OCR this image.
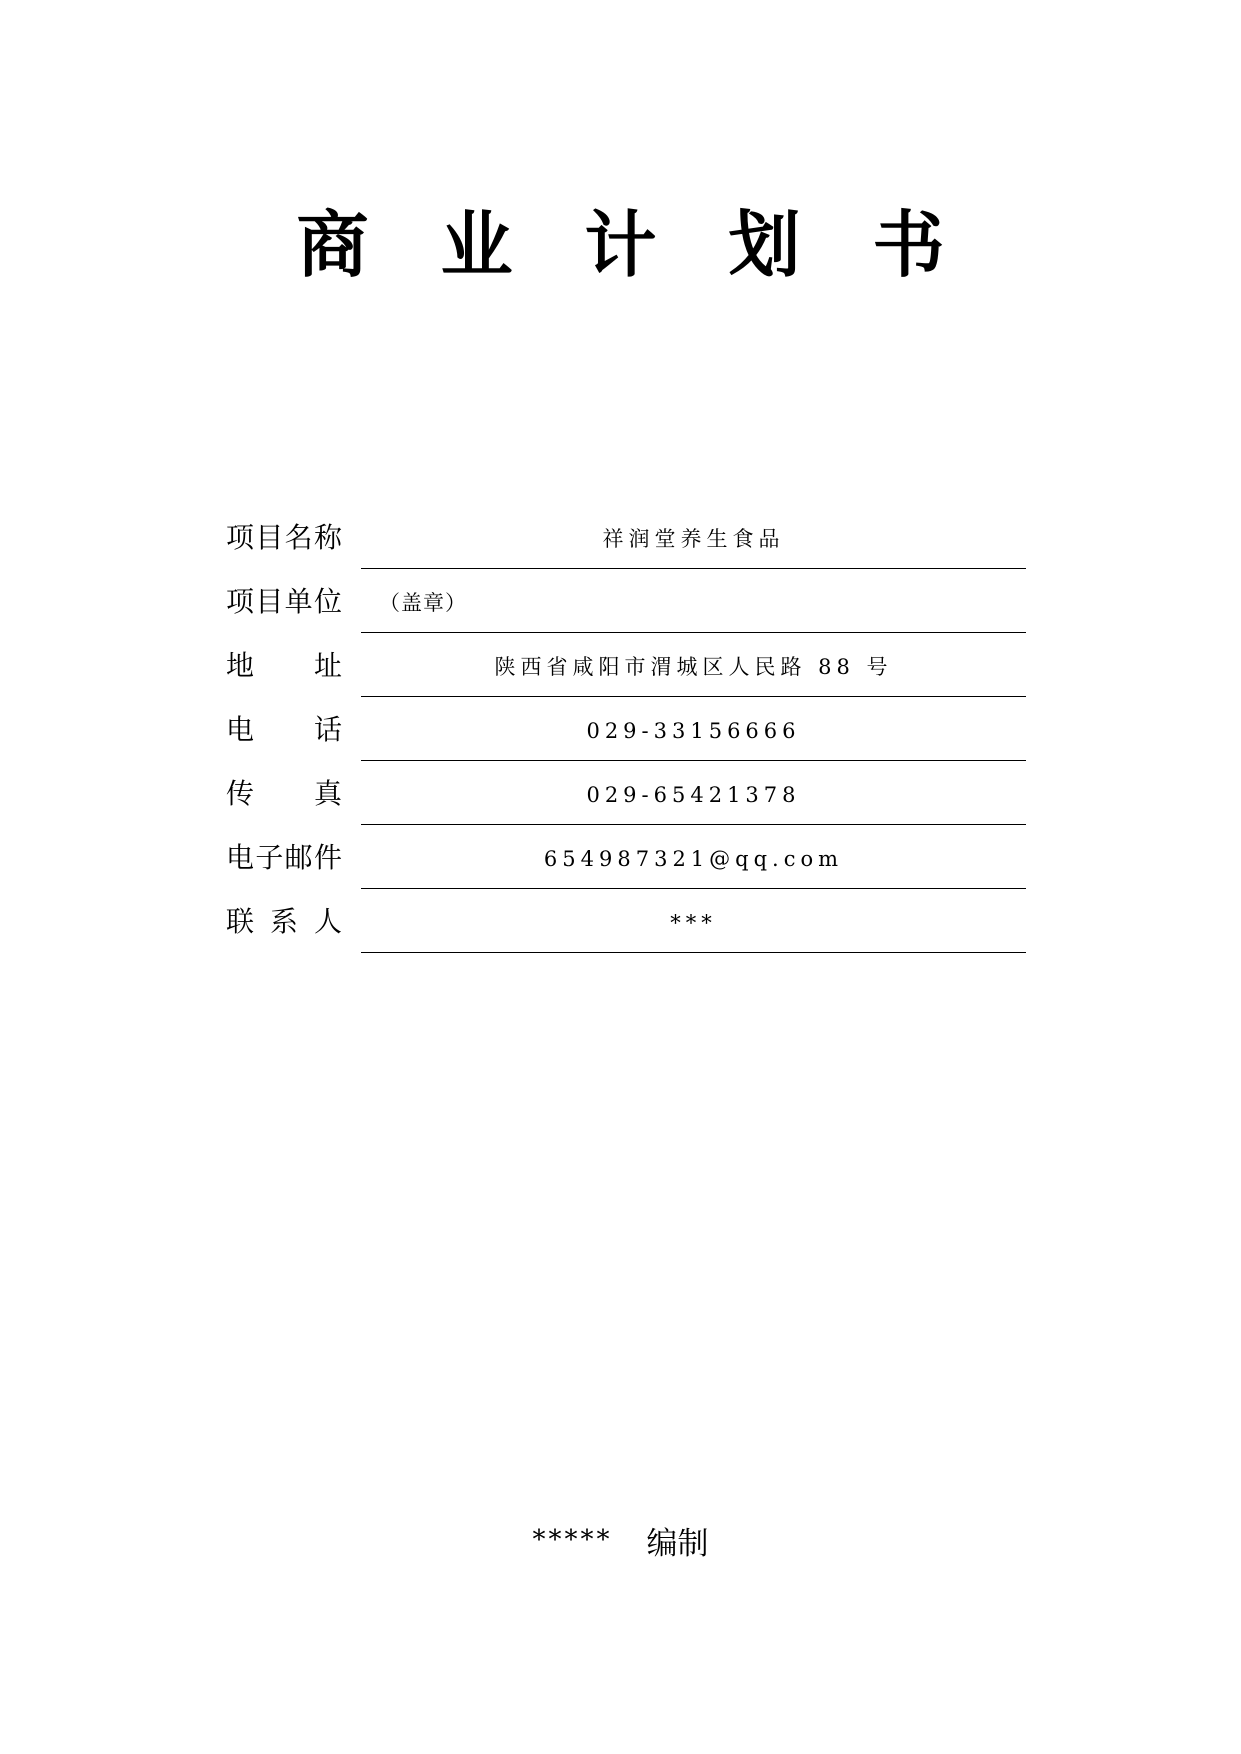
商 业 计 划 书
项 目 名 称	祥润堂养生食品
项 目 单 位 （盖章）
地 址	陕西省咸阳市渭城区人民路 88 号
电 话	029-33156666
传 真	029-65421378
电 子 邮 件	654987321@qq.com
联 系 人	***
***** 编制
